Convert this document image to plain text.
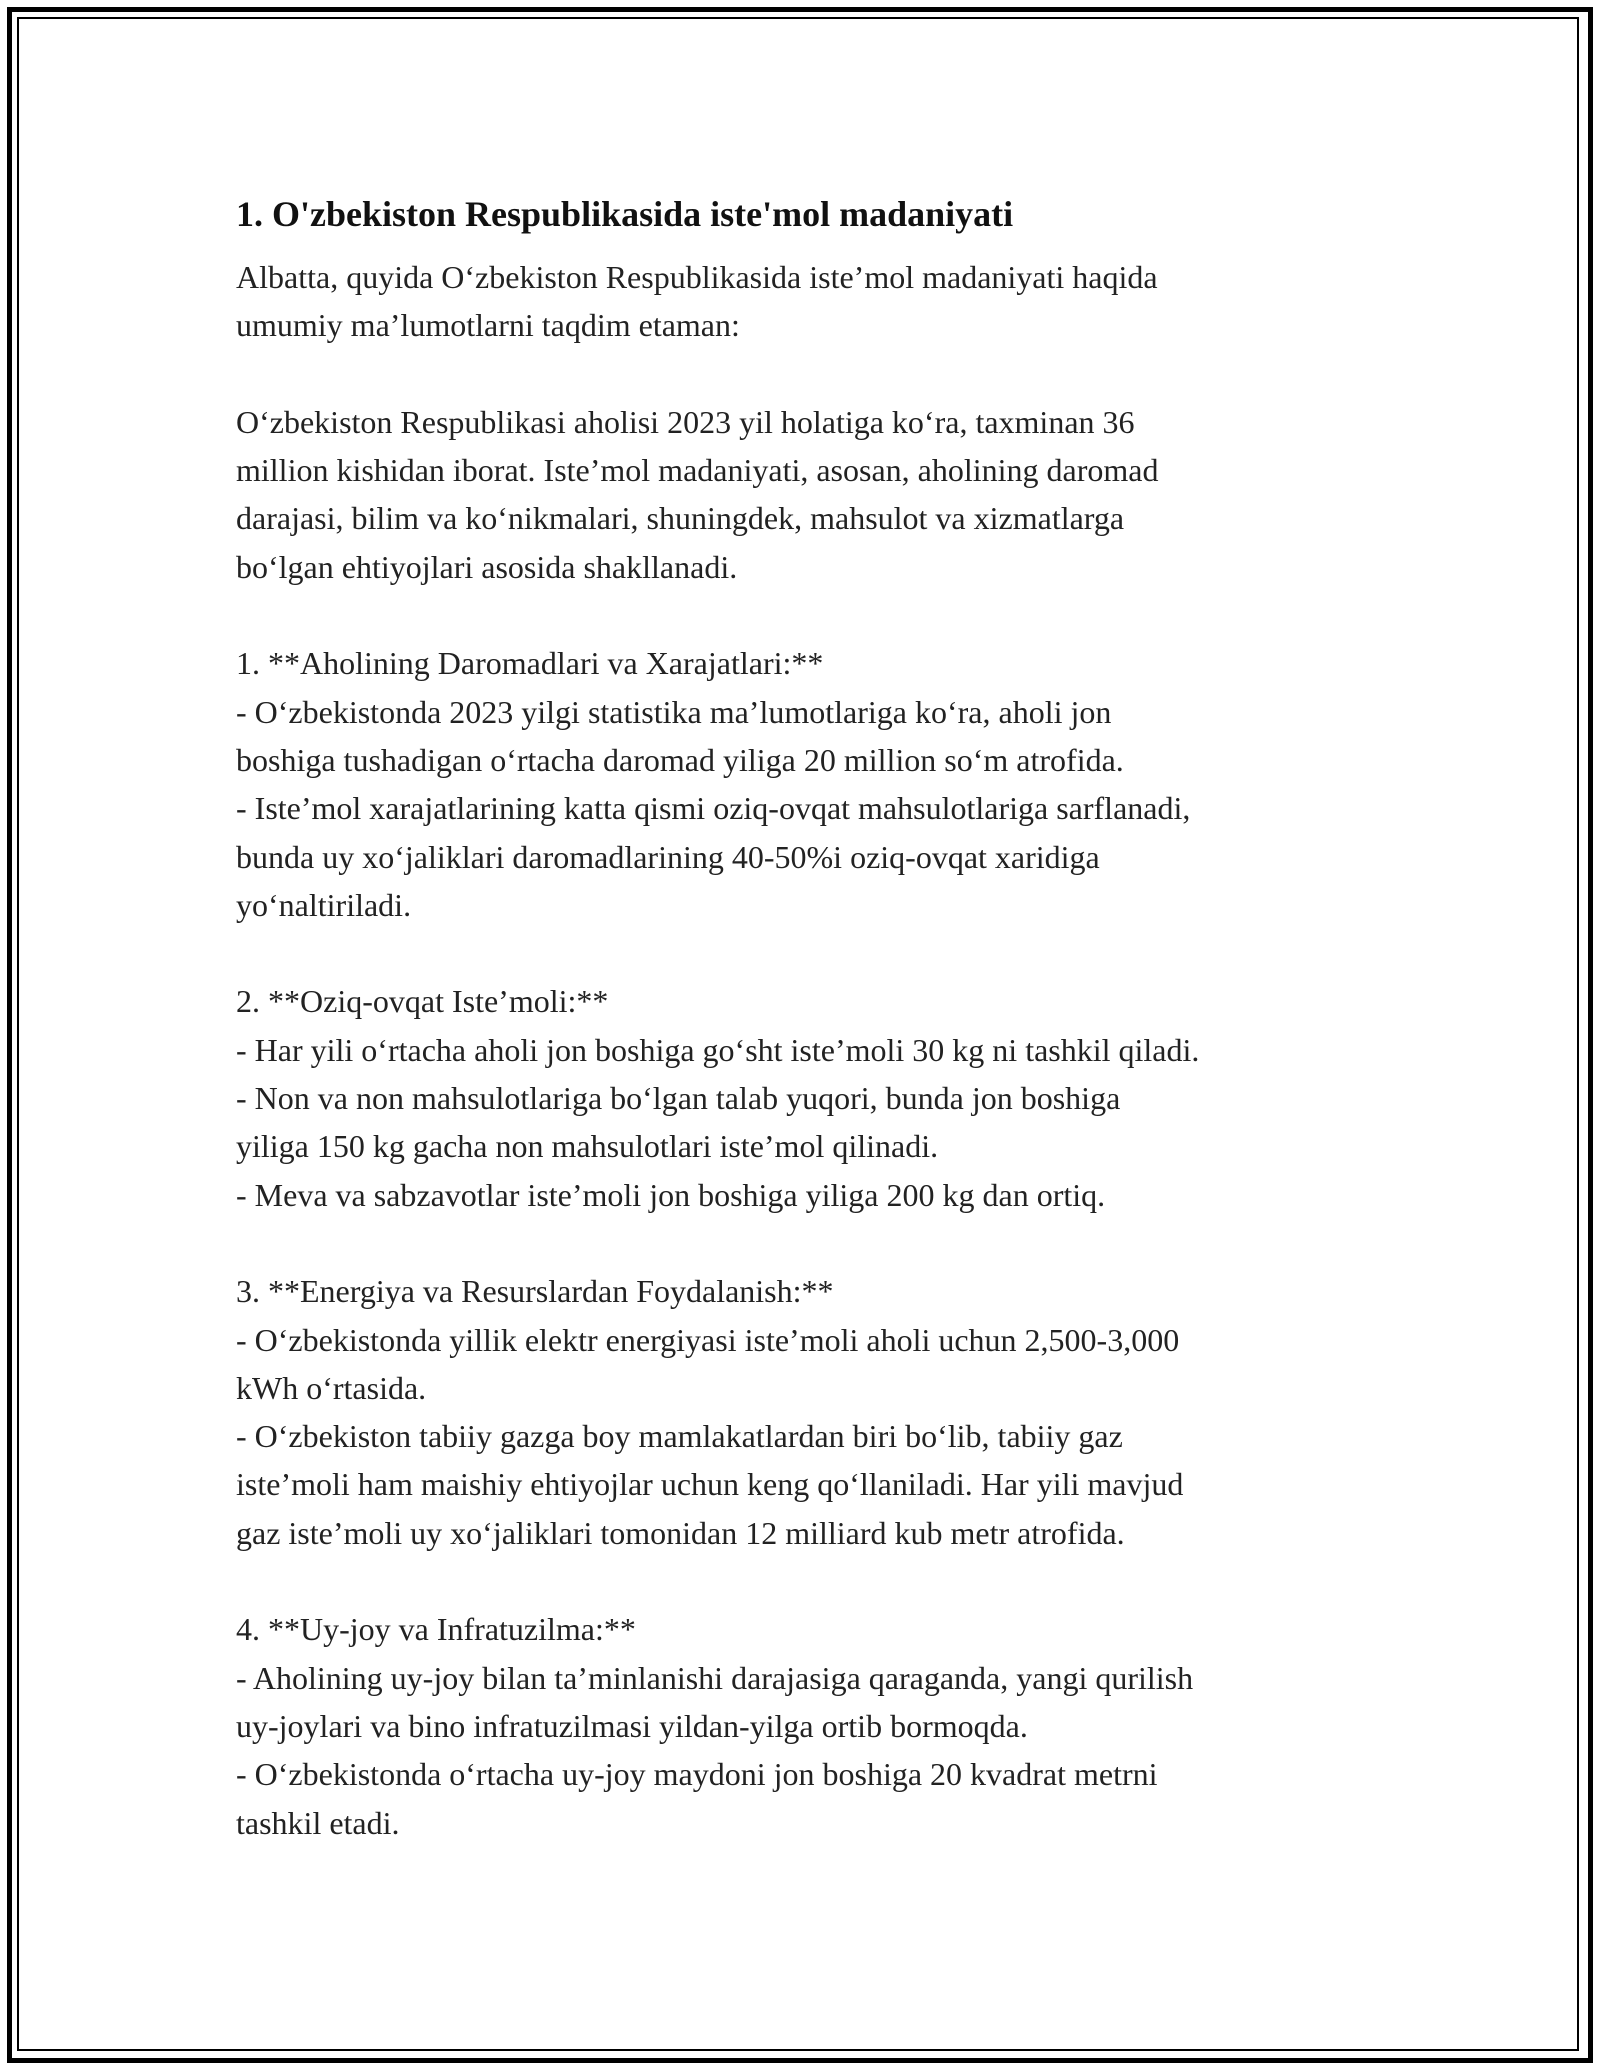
1. O'zbekiston Respublikasida iste'mol madaniyati

Albatta, quyida O‘zbekiston Respublikasida iste’mol madaniyati haqida
umumiy ma’lumotlarni taqdim etaman:

O‘zbekiston Respublikasi aholisi 2023 yil holatiga ko‘ra, taxminan 36
million kishidan iborat. Iste’mol madaniyati, asosan, aholining daromad
darajasi, bilim va ko‘nikmalari, shuningdek, mahsulot va xizmatlarga
bo‘lgan ehtiyojlari asosida shakllanadi.

1. **Aholining Daromadlari va Xarajatlari:**
- O‘zbekistonda 2023 yilgi statistika ma’lumotlariga ko‘ra, aholi jon
boshiga tushadigan o‘rtacha daromad yiliga 20 million so‘m atrofida.
- Iste’mol xarajatlarining katta qismi oziq-ovqat mahsulotlariga sarflanadi,
bunda uy xo‘jaliklari daromadlarining 40-50%i oziq-ovqat xaridiga
yo‘naltiriladi.

2. **Oziq-ovqat Iste’moli:**
- Har yili o‘rtacha aholi jon boshiga go‘sht iste’moli 30 kg ni tashkil qiladi.
- Non va non mahsulotlariga bo‘lgan talab yuqori, bunda jon boshiga
yiliga 150 kg gacha non mahsulotlari iste’mol qilinadi.
- Meva va sabzavotlar iste’moli jon boshiga yiliga 200 kg dan ortiq.

3. **Energiya va Resurslardan Foydalanish:**
- O‘zbekistonda yillik elektr energiyasi iste’moli aholi uchun 2,500-3,000
kWh o‘rtasida.
- O‘zbekiston tabiiy gazga boy mamlakatlardan biri bo‘lib, tabiiy gaz
iste’moli ham maishiy ehtiyojlar uchun keng qo‘llaniladi. Har yili mavjud
gaz iste’moli uy xo‘jaliklari tomonidan 12 milliard kub metr atrofida.

4. **Uy-joy va Infratuzilma:**
- Aholining uy-joy bilan ta’minlanishi darajasiga qaraganda, yangi qurilish
uy-joylari va bino infratuzilmasi yildan-yilga ortib bormoqda.
- O‘zbekistonda o‘rtacha uy-joy maydoni jon boshiga 20 kvadrat metrni
tashkil etadi.
